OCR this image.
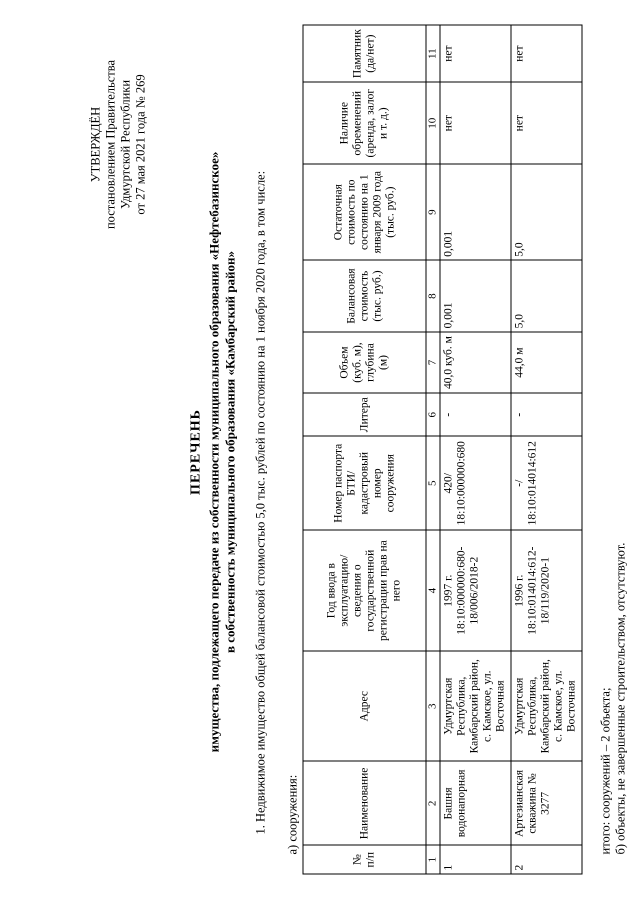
УТВЕРЖДЁН постановлением Правительства Удмуртской Республики от 27 мая 2021 года № 269
ПЕРЕЧЕНЬ имущества, подлежащего передаче из собственности муниципального образования «Нефтебазинское» в собственность муниципального образования «Камбарский район» 1. Недвижимое имущество общей балансовой стоимостью 5,0 тыс. рублей по состоянию на 1 ноября 2020 года, в том числе: а) сооружения:
№ п/п	Наименование	Адрес	Год ввода в эксплуатацию/ сведения о государственной регистрации прав на него	Номер паспорта БТИ/ кадастровый номер сооружения	Литера	Объем (куб. м), глубина (м)	Балансовая стоимость (тыс. руб.)	Остаточная стоимость по состоянию на 1 января 2009 года (тыс. руб.)	Наличие обременений (аренда, залог и т. д.)	Памятник (да/нет)
1	2	3	4	5	6	7	8	9	10	11
1	Башня водонапорная	Удмуртская Республика, Камбарский район, с. Камское, ул. Восточная	1997 г. 18:10:000000:680-18/006/2018-2	420/ 18:10:000000:680	-	40,0 куб. м	0,001	0,001	нет	нет
2	Артезианская скважина № 3277	Удмуртская Республика, Камбарский район, с. Камское, ул. Восточная	1996 г. 18:10:014014:612-18/119/2020-1	-/ 18:10:014014:612	-	44,0 м	5,0	5,0	нет	нет
итого: сооружений – 2 объекта; б) объекты, не завершенные строительством, отсутствуют.
